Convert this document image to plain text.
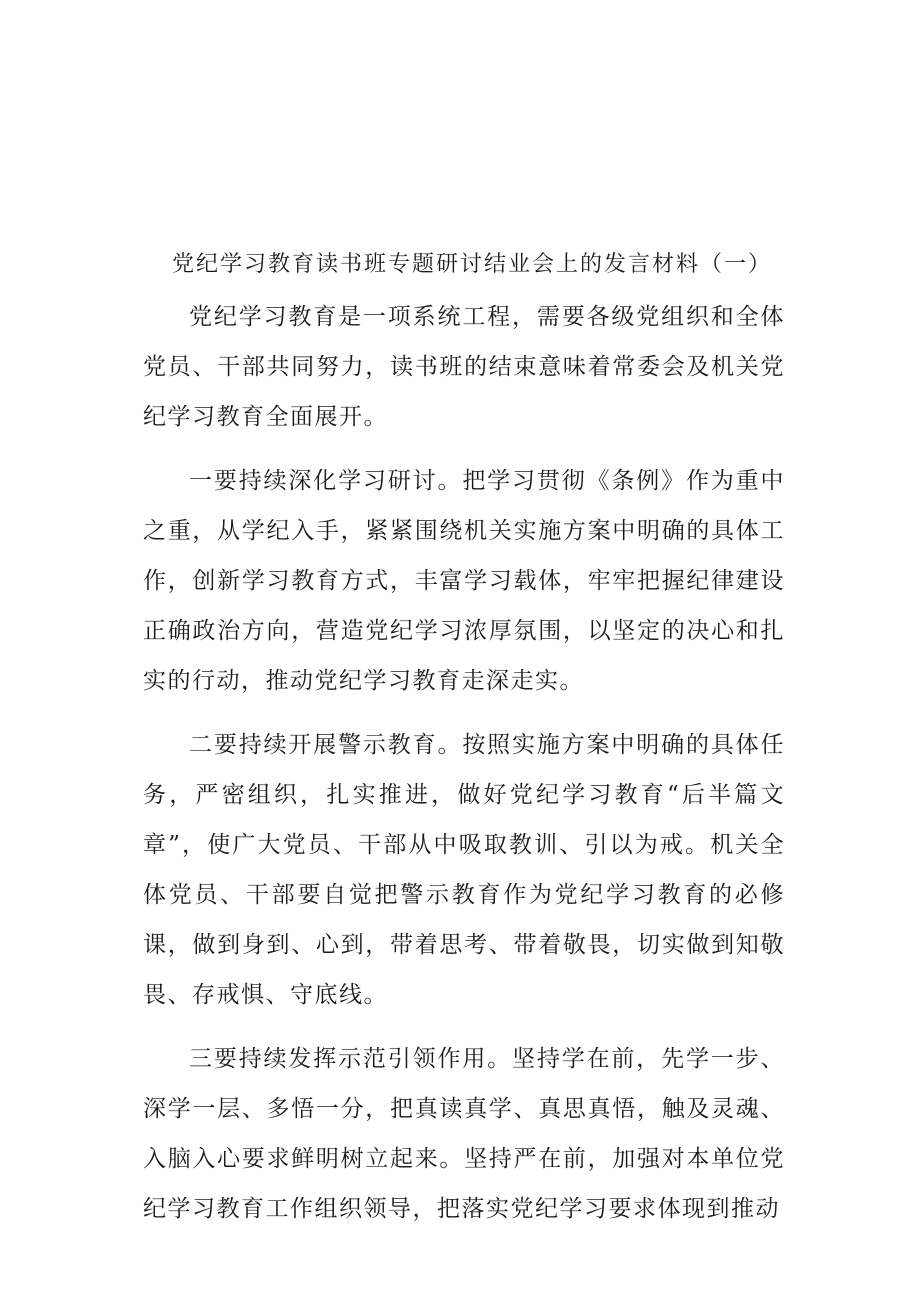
党纪学习教育读书班专题研讨结业会上的发言材料（一）

党纪学习教育是一项系统工程，需要各级党组织和全体党员、干部共同努力，读书班的结束意味着常委会及机关党纪学习教育全面展开。

一要持续深化学习研讨。把学习贯彻《条例》作为重中之重，从学纪入手，紧紧围绕机关实施方案中明确的具体工作，创新学习教育方式，丰富学习载体，牢牢把握纪律建设正确政治方向，营造党纪学习浓厚氛围，以坚定的决心和扎实的行动，推动党纪学习教育走深走实。

二要持续开展警示教育。按照实施方案中明确的具体任务，严密组织，扎实推进，做好党纪学习教育“后半篇文章”，使广大党员、干部从中吸取教训、引以为戒。机关全体党员、干部要自觉把警示教育作为党纪学习教育的必修课，做到身到、心到，带着思考、带着敬畏，切实做到知敬畏、存戒惧、守底线。

三要持续发挥示范引领作用。坚持学在前，先学一步、深学一层、多悟一分，把真读真学、真思真悟，触及灵魂、入脑入心要求鲜明树立起来。坚持严在前，加强对本单位党纪学习教育工作组织领导，把落实党纪学习要求体现到推动
